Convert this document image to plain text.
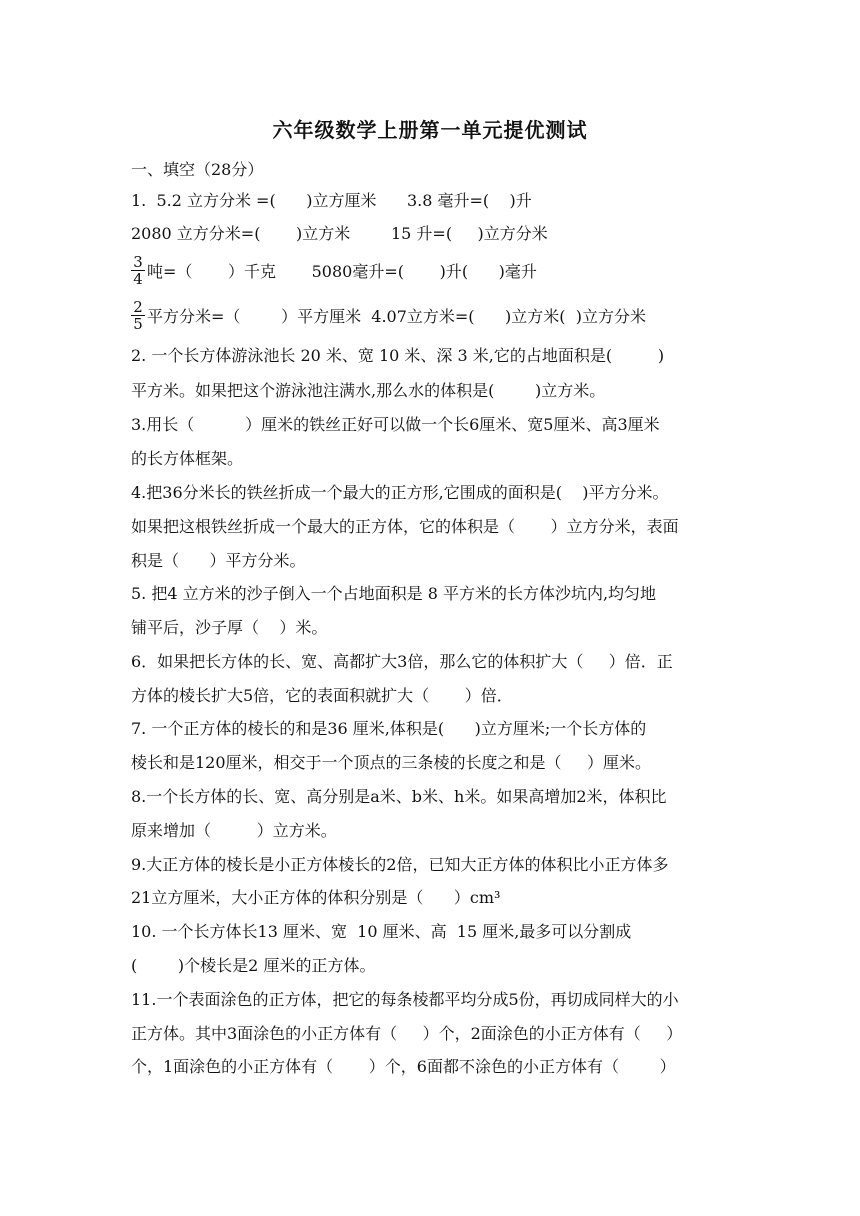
六年级数学上册第一单元提优测试
一、填空（28分）
1.  5.2 立方分米 =(      )立方厘米      3.8 毫升=(    )升
2080 立方分米=(       )立方米        15 升=(     )立方分米
$\frac{3}{4}$ 吨=（       ）千克       5080毫升=(       )升(      )毫升
$\frac{2}{5}$ 平方分米=（        ）平方厘米  4.07立方米=(      )立方米(  )立方分米
2. 一个长方体游泳池长 20 米、宽 10 米、深 3 米,它的占地面积是(         )
平方米。如果把这个游泳池注满水,那么水的体积是(        )立方米。
3.用长（          ）厘米的铁丝正好可以做一个长6厘米、宽5厘米、高3厘米
的长方体框架。
4.把36分米长的铁丝折成一个最大的正方形,它围成的面积是(    )平方分米。
如果把这根铁丝折成一个最大的正方体，它的体积是（       ）立方分米，表面
积是（      ）平方分米。
5. 把4 立方米的沙子倒入一个占地面积是 8 平方米的长方体沙坑内,均匀地
铺平后，沙子厚（    ）米。
6．如果把长方体的长、宽、高都扩大3倍，那么它的体积扩大（     ）倍．正
方体的棱长扩大5倍，它的表面积就扩大（       ）倍．
7. 一个正方体的棱长的和是36 厘米,体积是(      )立方厘米;一个长方体的
棱长和是120厘米，相交于一个顶点的三条棱的长度之和是（     ）厘米。
8.一个长方体的长、宽、高分别是a米、b米、h米。如果高增加2米，体积比
原来增加（         ）立方米。
9.大正方体的棱长是小正方体棱长的2倍，已知大正方体的体积比小正方体多
21立方厘米，大小正方体的体积分别是（      ）cm³
10. 一个长方体长13 厘米、宽  10 厘米、高  15 厘米,最多可以分割成
(        )个棱长是2 厘米的正方体。
11.一个表面涂色的正方体，把它的每条棱都平均分成5份，再切成同样大的小
正方体。其中3面涂色的小正方体有（     ）个，2面涂色的小正方体有（     ）
个，1面涂色的小正方体有（       ）个，6面都不涂色的小正方体有（        ）
